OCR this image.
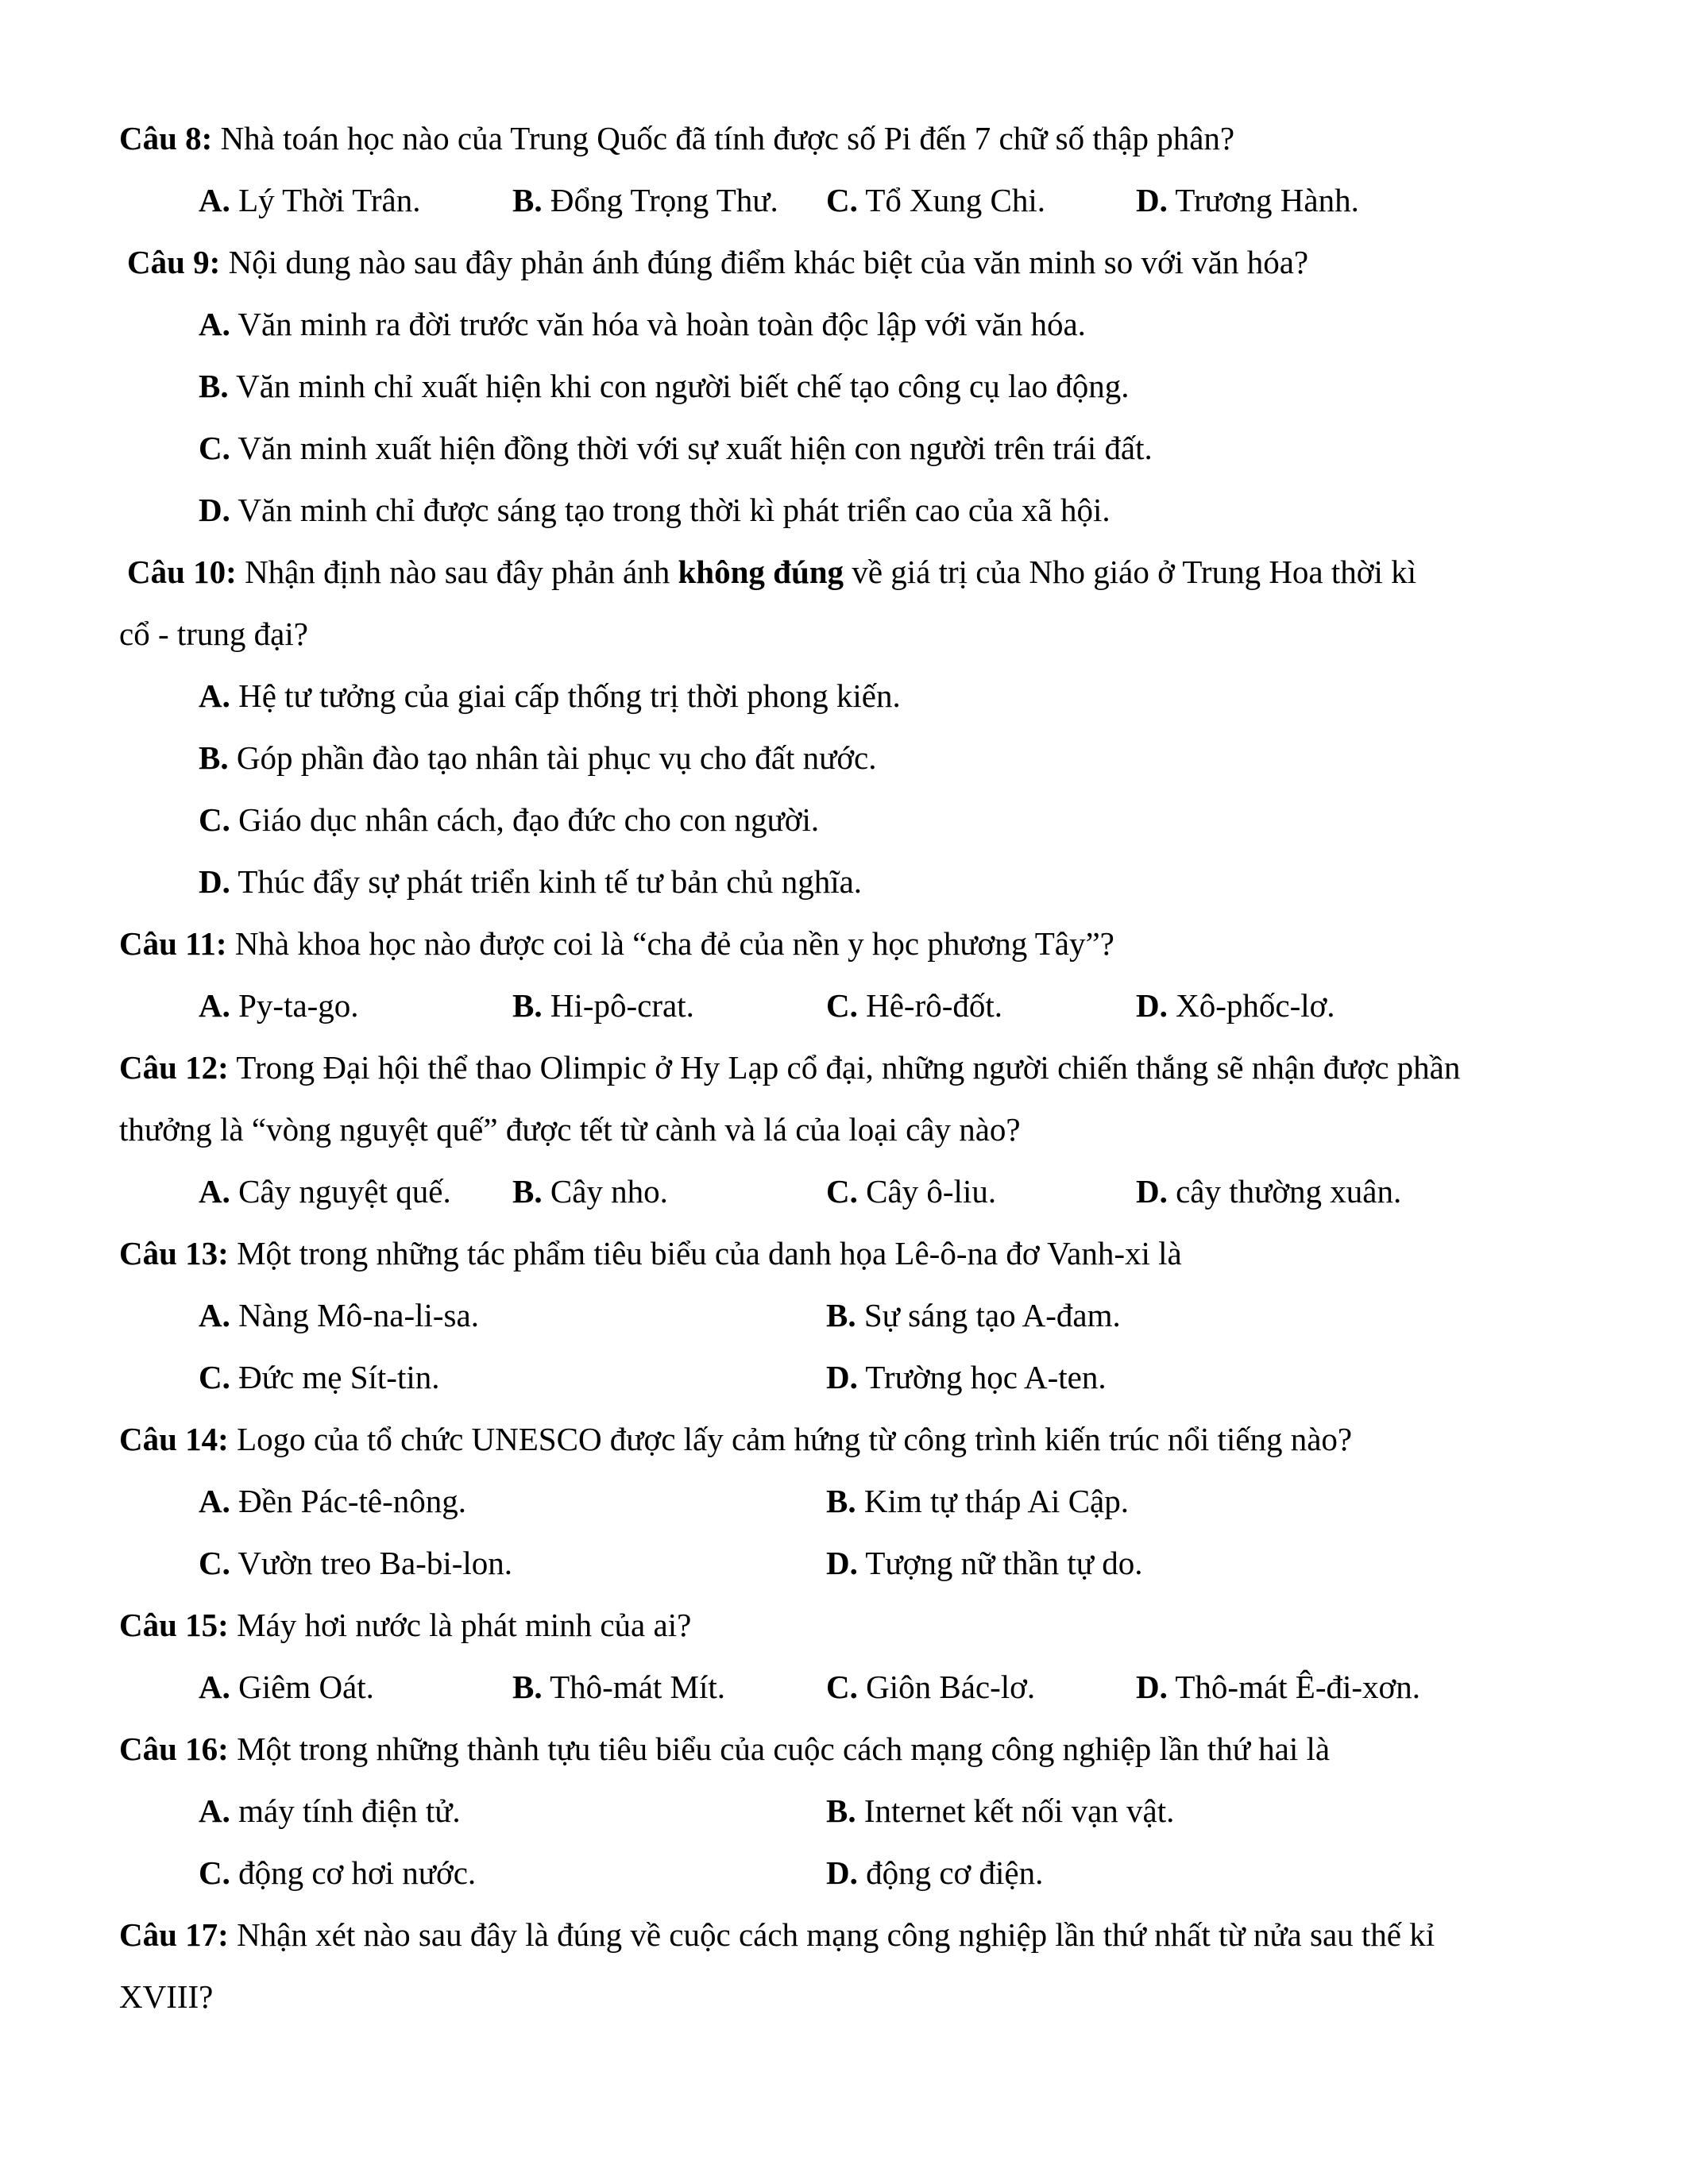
Câu 8: Nhà toán học nào của Trung Quốc đã tính được số Pi đến 7 chữ số thập phân?
A. Lý Thời Trân.	B. Đổng Trọng Thư. C. Tổ Xung Chi.	D. Trương Hành.
Câu 9: Nội dung nào sau đây phản ánh đúng điểm khác biệt của văn minh so với văn hóa?
A. Văn minh ra đời trước văn hóa và hoàn toàn độc lập với văn hóa.
B. Văn minh chỉ xuất hiện khi con người biết chế tạo công cụ lao động.
C. Văn minh xuất hiện đồng thời với sự xuất hiện con người trên trái đất.
D. Văn minh chỉ được sáng tạo trong thời kì phát triển cao của xã hội.
Câu 10: Nhận định nào sau đây phản ánh không đúng về giá trị của Nho giáo ở Trung Hoa thời kì
cổ - trung đại?
A. Hệ tư tưởng của giai cấp thống trị thời phong kiến.
B. Góp phần đào tạo nhân tài phục vụ cho đất nước.
C. Giáo dục nhân cách, đạo đức cho con người.
D. Thúc đẩy sự phát triển kinh tế tư bản chủ nghĩa.
Câu 11: Nhà khoa học nào được coi là “cha đẻ của nền y học phương Tây”?
A. Py-ta-go.	B. Hi-pô-crat.	C. Hê-rô-đốt.	D. Xô-phốc-lơ.
Câu 12: Trong Đại hội thể thao Olimpic ở Hy Lạp cổ đại, những người chiến thắng sẽ nhận được phần
thưởng là “vòng nguyệt quế” được tết từ cành và lá của loại cây nào?
A. Cây nguyệt quế. B. Cây nho.	C. Cây ô-liu.	D. cây thường xuân.
Câu 13: Một trong những tác phẩm tiêu biểu của danh họa Lê-ô-na đơ Vanh-xi là
A. Nàng Mô-na-li-sa.	B. Sự sáng tạo A-đam.
C. Đức mẹ Sít-tin.	D. Trường học A-ten.
Câu 14: Logo của tổ chức UNESCO được lấy cảm hứng từ công trình kiến trúc nổi tiếng nào?
A. Đền Pác-tê-nông.	B. Kim tự tháp Ai Cập.
C. Vườn treo Ba-bi-lon.	D. Tượng nữ thần tự do.
Câu 15: Máy hơi nước là phát minh của ai?
A. Giêm Oát.	B. Thô-mát Mít.	C. Giôn Bác-lơ.	D. Thô-mát Ê-đi-xơn.
Câu 16: Một trong những thành tựu tiêu biểu của cuộc cách mạng công nghiệp lần thứ hai là
A. máy tính điện tử.	B. Internet kết nối vạn vật.
C. động cơ hơi nước.	D. động cơ điện.
Câu 17: Nhận xét nào sau đây là đúng về cuộc cách mạng công nghiệp lần thứ nhất từ nửa sau thế kỉ
XVIII?
